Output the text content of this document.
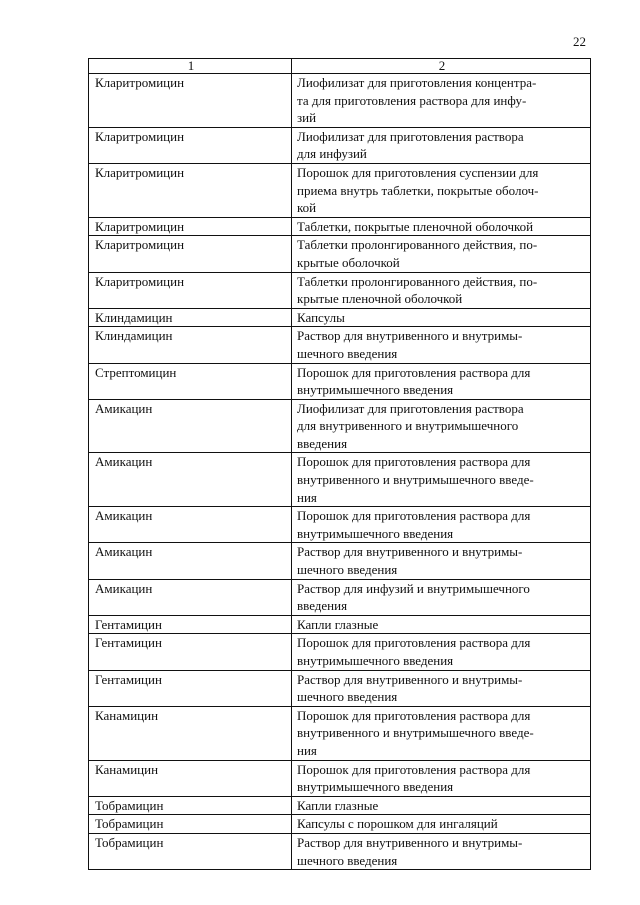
22
1	2
Кларитромицин	Лиофилизат для приготовления концентра-
та для приготовления раствора для инфу-
зий

Кларитромицин	Лиофилизат для приготовления раствора
для инфузий

Кларитромицин	Порошок для приготовления суспензии для
приема внутрь таблетки, покрытые оболоч-
кой

Кларитромицин	Таблетки, покрытые пленочной оболочкой

Кларитромицин	Таблетки пролонгированного действия, по-
крытые оболочкой

Кларитромицин	Таблетки пролонгированного действия, по-
крытые пленочной оболочкой

Клиндамицин	Капсулы

Клиндамицин	Раствор для внутривенного и внутримы-
шечного введения

Стрептомицин	Порошок для приготовления раствора для
внутримышечного введения

Амикацин	Лиофилизат для приготовления раствора
для внутривенного и внутримышечного
введения

Амикацин	Порошок для приготовления раствора для
внутривенного и внутримышечного введе-
ния

Амикацин	Порошок для приготовления раствора для
внутримышечного введения

Амикацин	Раствор для внутривенного и внутримы-
шечного введения

Амикацин	Раствор для инфузий и внутримышечного
введения

Гентамицин	Капли глазные

Гентамицин	Порошок для приготовления раствора для
внутримышечного введения

Гентамицин	Раствор для внутривенного и внутримы-
шечного введения

Канамицин	Порошок для приготовления раствора для
внутривенного и внутримышечного введе-
ния

Канамицин	Порошок для приготовления раствора для
внутримышечного введения

Тобрамицин	Капли глазные

Тобрамицин	Капсулы с порошком для ингаляций

Тобрамицин	Раствор для внутривенного и внутримы-
шечного введения
